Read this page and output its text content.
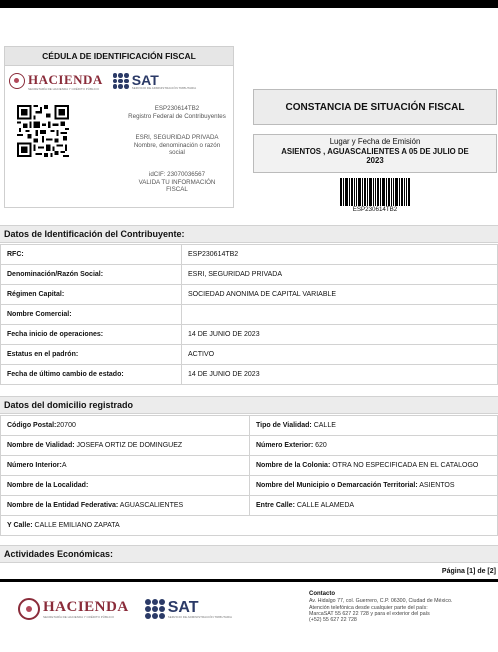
CÉDULA DE IDENTIFICACIÓN FISCAL
HACIENDA
SECRETARÍA DE HACIENDA Y CRÉDITO PÚBLICO
SAT
SERVICIO DE ADMINISTRACIÓN TRIBUTARIA
ESP230614TB2
Registro Federal de Contribuyentes
ESRI, SEGURIDAD PRIVADA
Nombre, denominación o razón
social
idCIF: 23070036567
VALIDA TU INFORMACIÓN
FISCAL
CONSTANCIA DE SITUACIÓN FISCAL
Lugar y Fecha de Emisión
ASIENTOS , AGUASCALIENTES A 05 DE JULIO DE
2023
ESP230614TB2
Datos de Identificación del Contribuyente:
RFC:	ESP230614TB2
Denominación/Razón Social:	ESRI, SEGURIDAD PRIVADA
Régimen Capital:	SOCIEDAD ANONIMA DE CAPITAL VARIABLE
Nombre Comercial:	
Fecha inicio de operaciones:	14 DE JUNIO DE 2023
Estatus en el padrón:	ACTIVO
Fecha de último cambio de estado:	14 DE JUNIO DE 2023
Datos del domicilio registrado
Código Postal:20700	Tipo de Vialidad: CALLE
Nombre de Vialidad: JOSEFA ORTIZ DE DOMINGUEZ	Número Exterior: 620
Número Interior:A	Nombre de la Colonia: OTRA NO ESPECIFICADA EN EL CATALOGO
Nombre de la Localidad:	Nombre del Municipio o Demarcación Territorial: ASIENTOS
Nombre de la Entidad Federativa: AGUASCALIENTES	Entre Calle: CALLE ALAMEDA
Y Calle: CALLE EMILIANO ZAPATA	
Actividades Económicas:
Página [1] de [2]
HACIENDA
SECRETARÍA DE HACIENDA Y CRÉDITO PÚBLICO
SAT
SERVICIO DE ADMINISTRACIÓN TRIBUTARIA
Contacto
Av. Hidalgo 77, col. Guerrero, C.P. 06300, Ciudad de México.
Atención telefónica desde cualquier parte del país:
MarcaSAT 55 627 22 728 y para el exterior del país
(+52) 55 627 22 728
